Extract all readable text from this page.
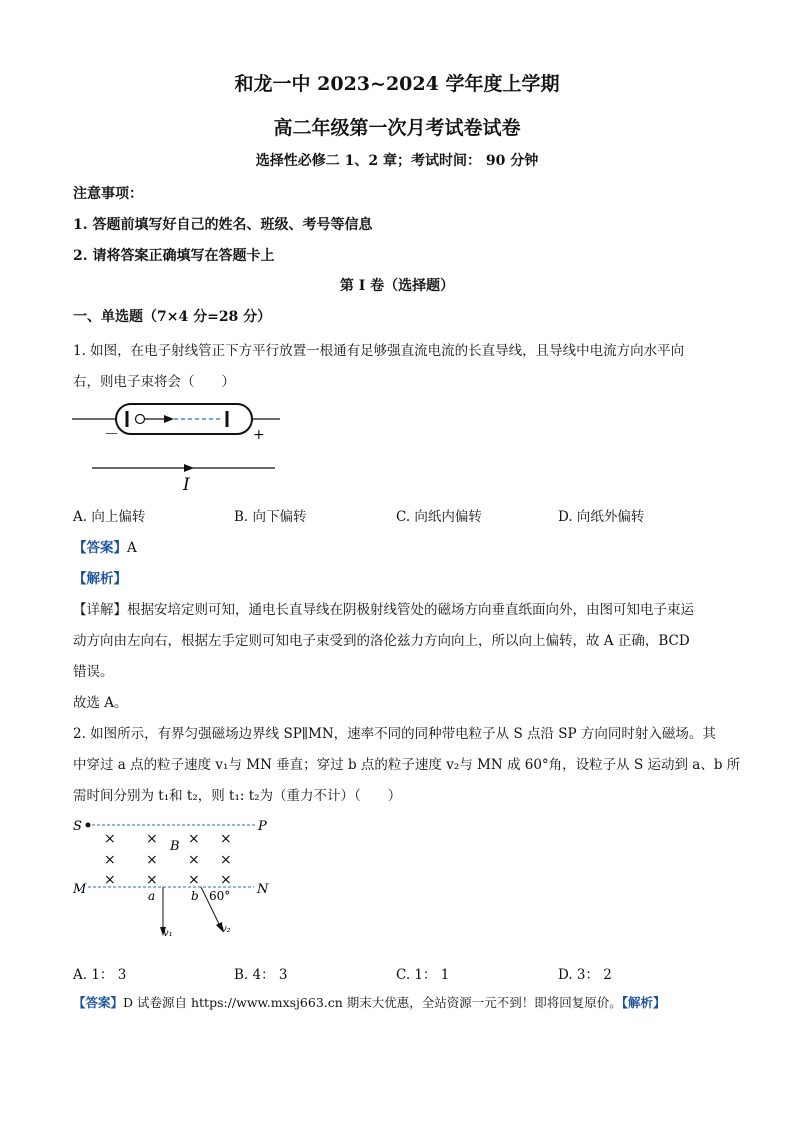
和龙一中 2023~2024 学年度上学期
高二年级第一次月考试卷试卷
选择性必修二 1、2 章；考试时间： 90 分钟
注意事项：
1. 答题前填写好自己的姓名、班级、考号等信息
2. 请将答案正确填写在答题卡上
第 I 卷（选择题）
一、单选题（7×4 分=28 分）
1. 如图，在电子射线管正下方平行放置一根通有足够强直流电流的长直导线，且导线中电流方向水平向
右，则电子束将会（　　）
－	+
I
A. 向上偏转	B. 向下偏转	C. 向纸内偏转	D. 向纸外偏转
【答案】A
【解析】
【详解】根据安培定则可知，通电长直导线在阴极射线管处的磁场方向垂直纸面向外，由图可知电子束运
动方向由左向右，根据左手定则可知电子束受到的洛伦兹力方向向上，所以向上偏转，故 A 正确，BCD
错误。
故选 A。
2. 如图所示，有界匀强磁场边界线 SP∥MN，速率不同的同种带电粒子从 S 点沿 SP 方向同时射入磁场。其
中穿过 a 点的粒子速度 v₁与 MN 垂直；穿过 b 点的粒子速度 v₂与 MN 成 60°角，设粒子从 S 运动到 a、b 所
需时间分别为 t₁和 t₂，则 t₁: t₂为（重力不计）（　　）
S	P
× × × ×
B
× × × ×
× × × ×
M	N
a
v₁
b 60°
v₂
A. 1： 3	B. 4： 3	C. 1： 1	D. 3： 2
【答案】D 试卷源自 https://www.mxsj663.cn 期末大优惠，全站资源一元不到！即将回复原价。【解析】
